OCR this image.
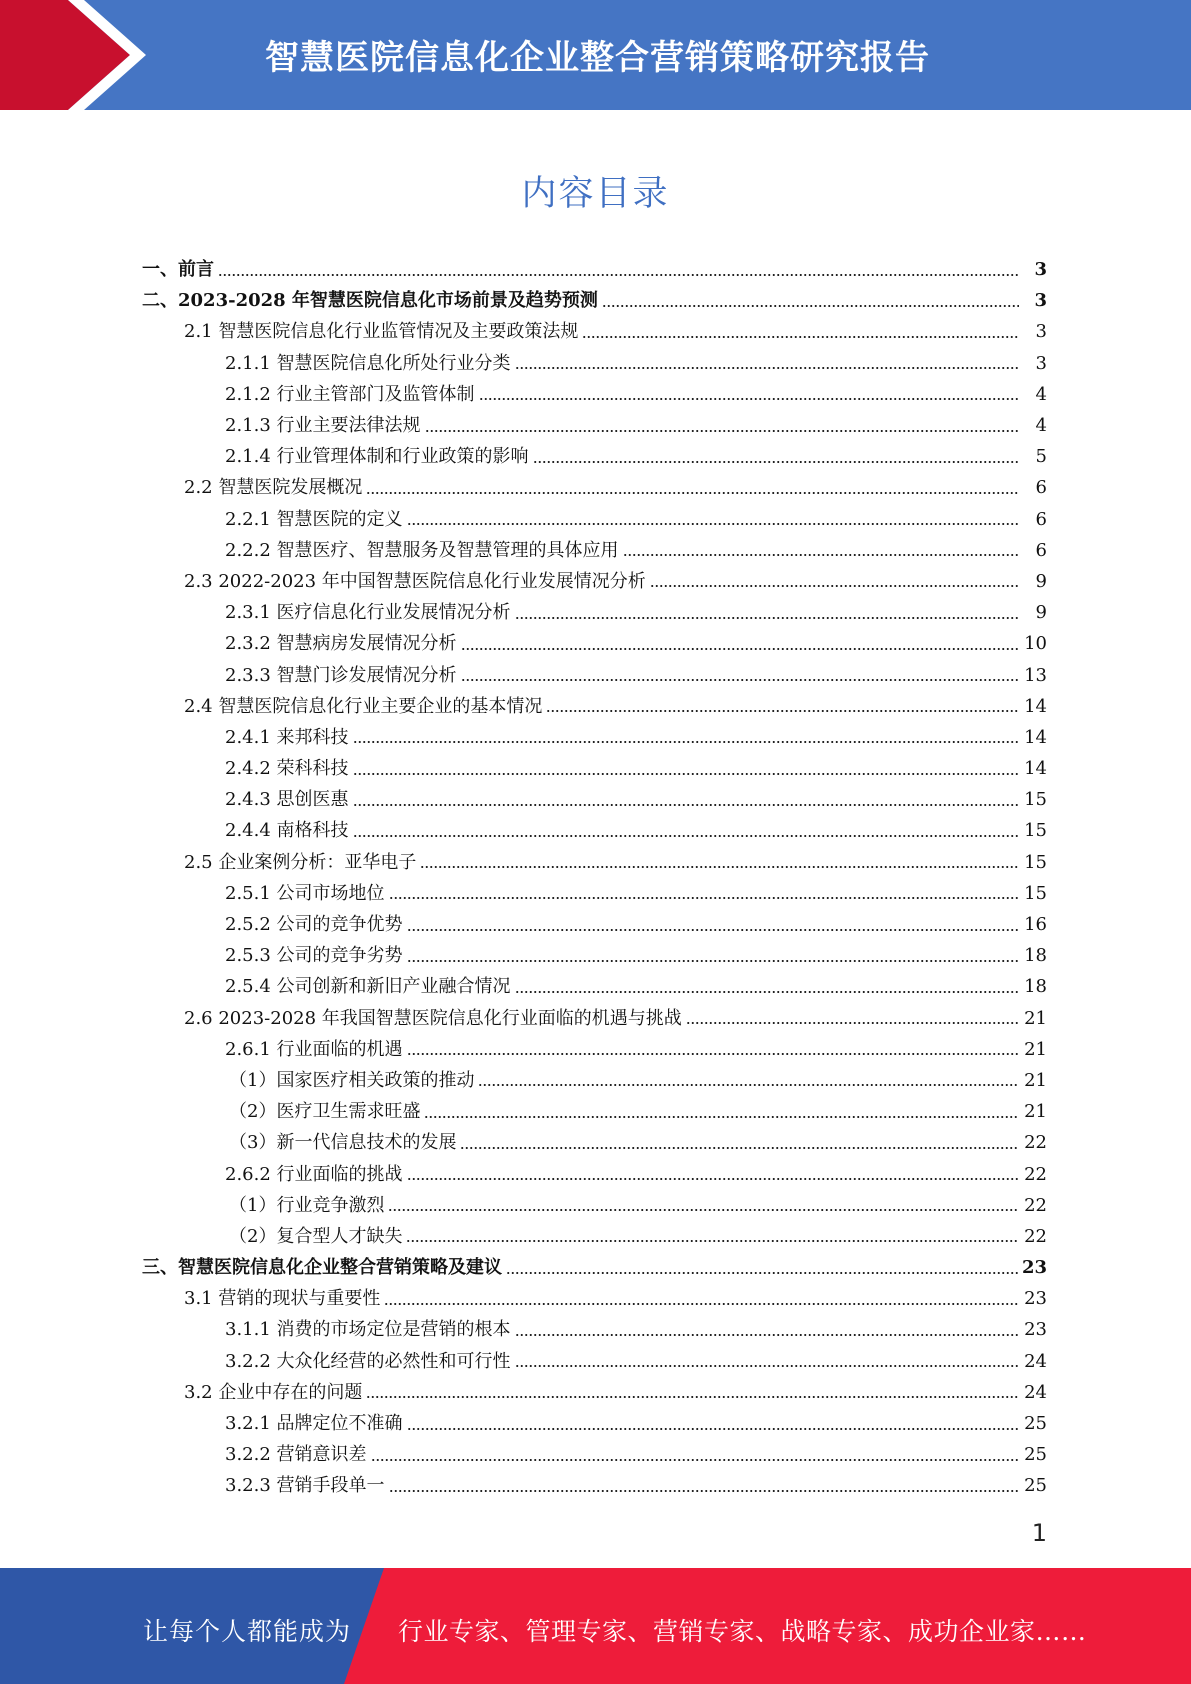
智慧医院信息化企业整合营销策略研究报告
内容目录
一、前言	3
二、2023-2028 年智慧医院信息化市场前景及趋势预测	3
2.1 智慧医院信息化行业监管情况及主要政策法规	3
2.1.1 智慧医院信息化所处行业分类	3
2.1.2 行业主管部门及监管体制	4
2.1.3 行业主要法律法规	4
2.1.4 行业管理体制和行业政策的影响	5
2.2 智慧医院发展概况	6
2.2.1 智慧医院的定义	6
2.2.2 智慧医疗、智慧服务及智慧管理的具体应用	6
2.3 2022-2023 年中国智慧医院信息化行业发展情况分析	9
2.3.1 医疗信息化行业发展情况分析	9
2.3.2 智慧病房发展情况分析	10
2.3.3 智慧门诊发展情况分析	13
2.4 智慧医院信息化行业主要企业的基本情况	14
2.4.1 来邦科技	14
2.4.2 荣科科技	14
2.4.3 思创医惠	15
2.4.4 南格科技	15
2.5 企业案例分析：亚华电子	15
2.5.1 公司市场地位	15
2.5.2 公司的竞争优势	16
2.5.3 公司的竞争劣势	18
2.5.4 公司创新和新旧产业融合情况	18
2.6 2023-2028 年我国智慧医院信息化行业面临的机遇与挑战	21
2.6.1 行业面临的机遇	21
（1）国家医疗相关政策的推动	21
（2）医疗卫生需求旺盛	21
（3）新一代信息技术的发展	22
2.6.2 行业面临的挑战	22
（1）行业竞争激烈	22
（2）复合型人才缺失	22
三、智慧医院信息化企业整合营销策略及建议	23
3.1 营销的现状与重要性	23
3.1.1 消费的市场定位是营销的根本	23
3.2.2 大众化经营的必然性和可行性	24
3.2 企业中存在的问题	24
3.2.1 品牌定位不准确	25
3.2.2 营销意识差	25
3.2.3 营销手段单一	25
1
让每个人都能成为 行业专家、管理专家、营销专家、战略专家、成功企业家……
